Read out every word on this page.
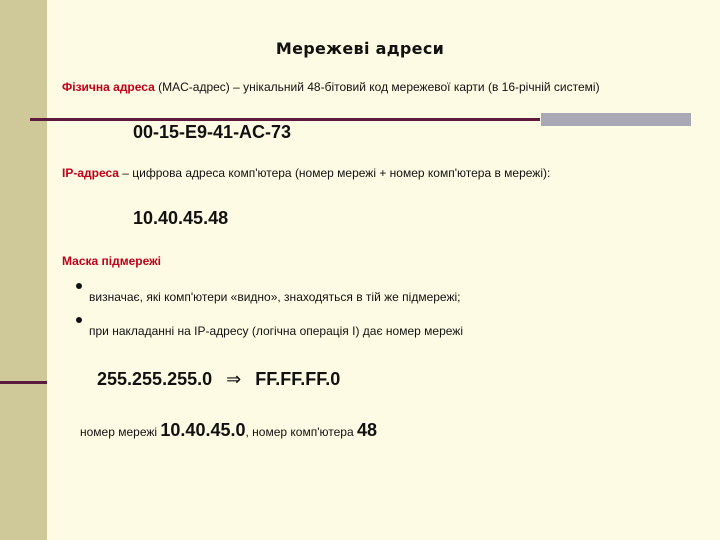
Мережеві адреси
Фізична адреса (MAC-адрес) – унікальний 48-бітовий код мережевої карти (в 16-річній системі)
00-15-E9-41-AC-73
IP-адреса – цифрова адреса комп'ютера (номер мережі + номер комп'ютера в мережі):
10.40.45.48
Маска підмережі
визначає, які комп'ютери «видно», знаходяться в тій же підмережі;
при накладанні на IP-адресу (логічна операція І) дає номер мережі
255.255.255.0 ⇒ FF.FF.FF.0
номер мережі 10.40.45.0, номер комп'ютера 48
